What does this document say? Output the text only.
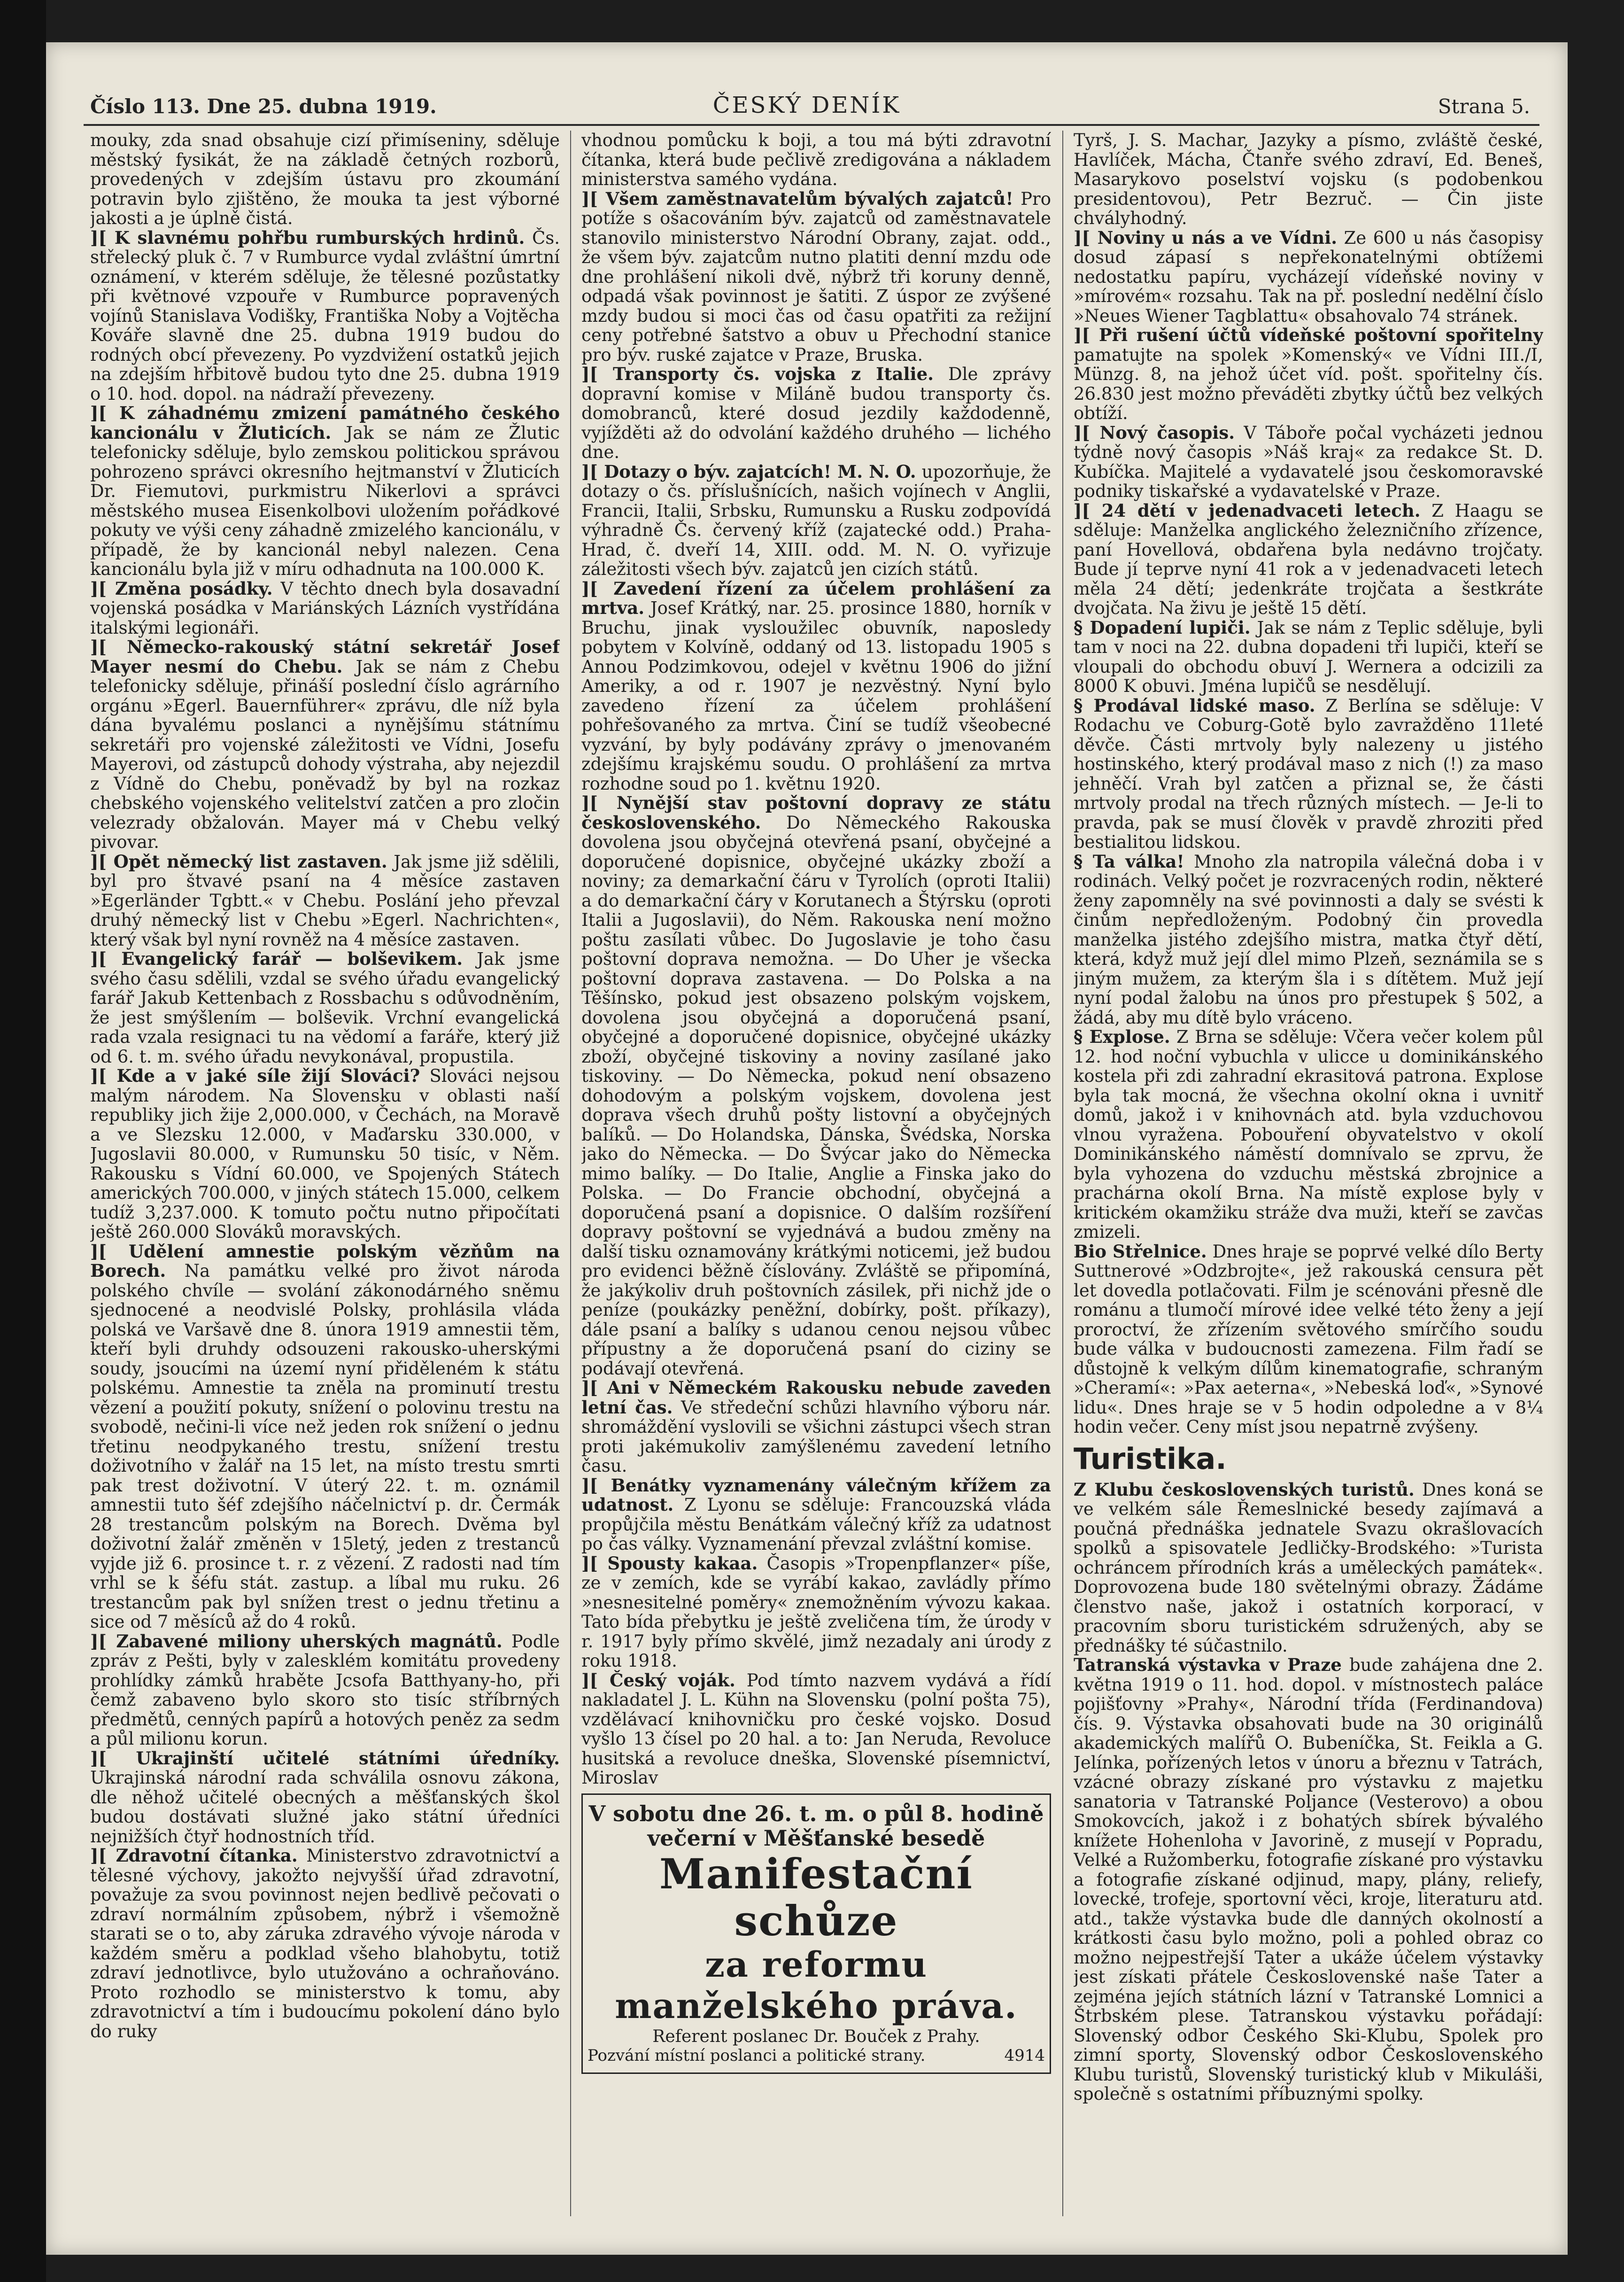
Číslo 113. Dne 25. dubna 1919.	ČESKÝ DENÍK	Strana 5.

mouky, zda snad obsahuje cizí přimíseniny, sděluje městský fysikát, že na základě četných rozborů, provedených v zdejším ústavu pro zkoumání potravin bylo zjištěno, že mouka ta jest výborné jakosti a je úplně čistá.

][ K slavnému pohřbu rumburských hrdinů. Čs. střelecký pluk č. 7 v Rumburce vydal zvláštní úmrtní oznámení, v kterém sděluje, že tělesné pozůstatky při květnové vzpouře v Rumburce popravených vojínů Stanislava Vodišky, Františka Noby a Vojtěcha Kováře slavně dne 25. dubna 1919 budou do rodných obcí převezeny. Po vyzdvižení ostatků jejich na zdejším hřbitově budou tyto dne 25. dubna 1919 o 10. hod. dopol. na nádraží převezeny.

][ K záhadnému zmizení památného českého kancionálu v Žluticích. Jak se nám ze Žlutic telefonicky sděluje, bylo zemskou politickou správou pohrozeno správci okresního hejtmanství v Žluticích Dr. Fiemutovi, purkmistru Nikerlovi a správci městského musea Eisenkolbovi uložením pořádkové pokuty ve výši ceny záhadně zmizelého kancionálu, v případě, že by kancionál nebyl nalezen. Cena kancionálu byla již v míru odhadnuta na 100.000 K.

][ Změna posádky. V těchto dnech byla dosavadní vojenská posádka v Mariánských Lázních vystřídána italskými legionáři.

][ Německo-rakouský státní sekretář Josef Mayer nesmí do Chebu. Jak se nám z Chebu telefonicky sděluje, přináší poslední číslo agrárního orgánu »Egerl. Bauernführer« zprávu, dle níž byla dána byvalému poslanci a nynějšímu státnímu sekretáři pro vojenské záležitosti ve Vídni, Josefu Mayerovi, od zástupců dohody výstraha, aby nejezdil z Vídně do Chebu, poněvadž by byl na rozkaz chebského vojenského velitelství zatčen a pro zločin velezrady obžalován. Mayer má v Chebu velký pivovar.

][ Opět německý list zastaven. Jak jsme již sdělili, byl pro štvavé psaní na 4 měsíce zastaven »Egerländer Tgbtt.« v Chebu. Poslání jeho převzal druhý německý list v Chebu »Egerl. Nachrichten«, který však byl nyní rovněž na 4 měsíce zastaven.

][ Evangelický farář — bolševikem. Jak jsme svého času sdělili, vzdal se svého úřadu evangelický farář Jakub Kettenbach z Rossbachu s odůvodněním, že jest smýšlením — bolševik. Vrchní evangelická rada vzala resignaci tu na vědomí a faráře, který již od 6. t. m. svého úřadu nevykonával, propustila.

][ Kde a v jaké síle žijí Slováci? Slováci nejsou malým národem. Na Slovensku v oblasti naší republiky jich žije 2,000.000, v Čechách, na Moravě a ve Slezsku 12.000, v Maďarsku 330.000, v Jugoslavii 80.000, v Rumunsku 50 tisíc, v Něm. Rakousku s Vídní 60.000, ve Spojených Státech amerických 700.000, v jiných státech 15.000, celkem tudíž 3,237.000. K tomuto počtu nutno připočítati ještě 260.000 Slováků moravských.

][ Udělení amnestie polským vězňům na Borech. Na památku velké pro život národa polského chvíle — svolání zákonodárného sněmu sjednocené a neodvislé Polsky, prohlásila vláda polská ve Varšavě dne 8. února 1919 amnestii těm, kteří byli druhdy odsouzeni rakousko-uherskými soudy, jsoucími na území nyní přiděleném k státu polskému. Amnestie ta zněla na prominutí trestu vězení a použití pokuty, snížení o polovinu trestu na svobodě, nečini-li více než jeden rok snížení o jednu třetinu neodpykaného trestu, snížení trestu doživotního v žalář na 15 let, na místo trestu smrti pak trest doživotní. V úterý 22. t. m. oznámil amnestii tuto šéf zdejšího náčelnictví p. dr. Čermák 28 trestancům polským na Borech. Dvěma byl doživotní žalář změněn v 15letý, jeden z trestanců vyjde již 6. prosince t. r. z vězení. Z radosti nad tím vrhl se k šéfu stát. zastup. a líbal mu ruku. 26 trestancům pak byl snížen trest o jednu třetinu a sice od 7 měsíců až do 4 roků.

][ Zabavené miliony uherských magnátů. Podle zpráv z Pešti, byly v zalesklém komitátu provedeny prohlídky zámků hraběte Jcsofa Batthyany-ho, při čemž zabaveno bylo skoro sto tisíc stříbrných předmětů, cenných papírů a hotových peněz za sedm a půl milionu korun.

][ Ukrajinští učitelé státními úředníky. Ukrajinská národní rada schválila osnovu zákona, dle něhož učitelé obecných a měšťanských škol budou dostávati služné jako státní úředníci nejnižších čtyř hodnostních tříd.

][ Zdravotní čítanka. Ministerstvo zdravotnictví a tělesné výchovy, jakožto nejvyšší úřad zdravotní, považuje za svou povinnost nejen bedlivě pečovati o zdraví normálním způsobem, nýbrž i všemožně starati se o to, aby záruka zdravého vývoje národa v každém směru a podklad všeho blahobytu, totiž zdraví jednotlivce, bylo utužováno a ochraňováno. Proto rozhodlo se ministerstvo k tomu, aby zdravotnictví a tím i budoucímu pokolení dáno bylo do ruky

vhodnou pomůcku k boji, a tou má býti zdravotní čítanka, která bude pečlivě zredigována a nákladem ministerstva samého vydána.

][ Všem zaměstnavatelům bývalých zajatců! Pro potíže s ošacováním býv. zajatců od zaměstnavatele stanovilo ministerstvo Národní Obrany, zajat. odd., že všem býv. zajatcům nutno platiti denní mzdu ode dne prohlášení nikoli dvě, nýbrž tři koruny denně, odpadá však povinnost je šatiti. Z úspor ze zvýšené mzdy budou si moci čas od času opatřiti za režijní ceny potřebné šatstvo a obuv u Přechodní stanice pro býv. ruské zajatce v Praze, Bruska.

][ Transporty čs. vojska z Italie. Dle zprávy dopravní komise v Miláně budou transporty čs. domobranců, které dosud jezdily každodenně, vyjížděti až do odvolání každého druhého — lichého dne.

][ Dotazy o býv. zajatcích! M. N. O. upozorňuje, že dotazy o čs. příslušnících, našich vojínech v Anglii, Francii, Italii, Srbsku, Rumunsku a Rusku zodpovídá výhradně Čs. červený kříž (zajatecké odd.) Praha-Hrad, č. dveří 14, XIII. odd. M. N. O. vyřizuje záležitosti všech býv. zajatců jen cizích států.

][ Zavedení řízení za účelem prohlášení za mrtva. Josef Krátký, nar. 25. prosince 1880, horník v Bruchu, jinak vysloužilec obuvník, naposledy pobytem v Kolvíně, oddaný od 13. listopadu 1905 s Annou Podzimkovou, odejel v květnu 1906 do jižní Ameriky, a od r. 1907 je nezvěstný. Nyní bylo zavedeno řízení za účelem prohlášení pohřešovaného za mrtva. Činí se tudíž všeobecné vyzvání, by byly podávány zprávy o jmenovaném zdejšímu krajskému soudu. O prohlášení za mrtva rozhodne soud po 1. květnu 1920.

][ Nynější stav poštovní dopravy ze státu československého. Do Německého Rakouska dovolena jsou obyčejná otevřená psaní, obyčejné a doporučené dopisnice, obyčejné ukázky zboží a noviny; za demarkační čáru v Tyrolích (oproti Italii) a do demarkační čáry v Korutanech a Štýrsku (oproti Italii a Jugoslavii), do Něm. Rakouska není možno poštu zasílati vůbec. Do Jugoslavie je toho času poštovní doprava nemožna. — Do Uher je všecka poštovní doprava zastavena. — Do Polska a na Těšínsko, pokud jest obsazeno polským vojskem, dovolena jsou obyčejná a doporučená psaní, obyčejné a doporučené dopisnice, obyčejné ukázky zboží, obyčejné tiskoviny a noviny zasílané jako tiskoviny. — Do Německa, pokud není obsazeno dohodovým a polským vojskem, dovolena jest doprava všech druhů pošty listovní a obyčejných balíků. — Do Holandska, Dánska, Švédska, Norska jako do Německa. — Do Švýcar jako do Německa mimo balíky. — Do Italie, Anglie a Finska jako do Polska. — Do Francie obchodní, obyčejná a doporučená psaní a dopisnice. O dalším rozšíření dopravy poštovní se vyjednává a budou změny na další tisku oznamovány krátkými noticemi, jež budou pro evidenci běžně číslovány. Zvláště se připomíná, že jakýkoliv druh poštovních zásilek, při nichž jde o peníze (poukázky peněžní, dobírky, pošt. příkazy), dále psaní a balíky s udanou cenou nejsou vůbec přípustny a že doporučená psaní do ciziny se podávají otevřená.

][ Ani v Německém Rakousku nebude zaveden letní čas. Ve středeční schůzi hlavního výboru nár. shromáždění vyslovili se všichni zástupci všech stran proti jakémukoliv zamýšlenému zavedení letního času.

][ Benátky vyznamenány válečným křížem za udatnost. Z Lyonu se sděluje: Francouzská vláda propůjčila městu Benátkám válečný kříž za udatnost po čas války. Vyznamenání převzal zvláštní komise.

][ Spousty kakaa. Časopis »Tropenpflanzer« píše, ze v zemích, kde se vyrábí kakao, zavládly přímo »nesnesitelné poměry« znemožněním vývozu kakaa. Tato bída přebytku je ještě zveličena tím, že úrody v r. 1917 byly přímo skvělé, jimž nezadaly ani úrody z roku 1918.

][ Český voják. Pod tímto nazvem vydává a řídí nakladatel J. L. Kühn na Slovensku (polní pošta 75), vzdělávací knihovničku pro české vojsko. Dosud vyšlo 13 čísel po 20 hal. a to: Jan Neruda, Revoluce husitská a revoluce dneška, Slovenské písemnictví, Miroslav

V sobotu dne 26. t. m. o půl 8. hodině večerní v Měšťanské besedě
Manifestační schůze
za reformu manželského práva.
Referent poslanec Dr. Bouček z Prahy.
Pozvání místní poslanci a politické strany.	4914

Tyrš, J. S. Machar, Jazyky a písmo, zvláště české, Havlíček, Mácha, Čtanře svého zdraví, Ed. Beneš, Masarykovo poselství vojsku (s podobenkou presidentovou), Petr Bezruč. — Čin jiste chvályhodný.

][ Noviny u nás a ve Vídni. Ze 600 u nás časopisy dosud zápasí s nepřekonatelnými obtížemi nedostatku papíru, vycházejí vídeňské noviny v »mírovém« rozsahu. Tak na př. poslední nedělní číslo »Neues Wiener Tagblattu« obsahovalo 74 stránek.

][ Při rušení účtů vídeňské poštovní spořitelny pamatujte na spolek »Komenský« ve Vídni III./I, Münzg. 8, na jehož účet víd. pošt. spořitelny čís. 26.830 jest možno převáděti zbytky účtů bez velkých obtíží.

][ Nový časopis. V Táboře počal vycházeti jednou týdně nový časopis »Náš kraj« za redakce St. D. Kubíčka. Majitelé a vydavatelé jsou českomoravské podniky tiskařské a vydavatelské v Praze.

][ 24 dětí v jedenadvaceti letech. Z Haagu se sděluje: Manželka anglického železničního zřízence, paní Hovellová, obdařena byla nedávno trojčaty. Bude jí teprve nyní 41 rok a v jedenadvaceti letech měla 24 dětí; jedenkráte trojčata a šestkráte dvojčata. Na živu je ještě 15 dětí.

§ Dopadení lupiči. Jak se nám z Teplic sděluje, byli tam v noci na 22. dubna dopadeni tři lupiči, kteří se vloupali do obchodu obuví J. Wernera a odcizili za 8000 K obuvi. Jména lupičů se nesdělují.

§ Prodával lidské maso. Z Berlína se sděluje: V Rodachu ve Coburg-Gotě bylo zavražděno 11leté děvče. Části mrtvoly byly nalezeny u jistého hostinského, který prodával maso z nich (!) za maso jehněčí. Vrah byl zatčen a přiznal se, že části mrtvoly prodal na třech různých místech. — Je-li to pravda, pak se musí člověk v pravdě zhroziti před bestialitou lidskou.

§ Ta válka! Mnoho zla natropila válečná doba i v rodinách. Velký počet je rozvracených rodin, některé ženy zapomněly na své povinnosti a daly se svésti k činům nepředloženým. Podobný čin provedla manželka jistého zdejšího mistra, matka čtyř dětí, která, když muž její dlel mimo Plzeň, seznámila se s jiným mužem, za kterým šla i s dítětem. Muž její nyní podal žalobu na únos pro přestupek § 502, a žádá, aby mu dítě bylo vráceno.

§ Explose. Z Brna se sděluje: Včera večer kolem půl 12. hod noční vybuchla v ulicce u dominikánského kostela při zdi zahradní ekrasitová patrona. Explose byla tak mocná, že všechna okolní okna i uvnitř domů, jakož i v knihovnách atd. byla vzduchovou vlnou vyražena. Pobouření obyvatelstvo v okolí Dominikánského náměstí domnívalo se zprvu, že byla vyhozena do vzduchu městská zbrojnice a prachárna okolí Brna. Na místě explose byly v kritickém okamžiku stráže dva muži, kteří se zavčas zmizeli.

Bio Střelnice. Dnes hraje se poprvé velké dílo Berty Suttnerové »Odzbrojte«, jež rakouská censura pět let dovedla potlačovati. Film je scénováni přesně dle románu a tlumočí mírové idee velké této ženy a její proroctví, že zřízením světového smírčího soudu bude válka v budoucnosti zamezena. Film řadí se důstojně k velkým dílům kinematografie, schraným »Cheramí«: »Pax aeterna«, »Nebeská loď«, »Synové lidu«. Dnes hraje se v 5 hodin odpoledne a v 8¼ hodin večer. Ceny míst jsou nepatrně zvýšeny.

Turistika.

Z Klubu československých turistů. Dnes koná se ve velkém sále Řemeslnické besedy zajímavá a poučná přednáška jednatele Svazu okrašlovacích spolků a spisovatele Jedličky-Brodského: »Turista ochráncem přírodních krás a uměleckých památek«. Doprovozena bude 180 světelnými obrazy. Žádáme členstvo naše, jakož i ostatních korporací, v pracovním sboru turistickém sdružených, aby se přednášky té súčastnilo.

Tatranská výstavka v Praze bude zahájena dne 2. května 1919 o 11. hod. dopol. v místnostech paláce pojišťovny »Prahy«, Národní třída (Ferdinandova) čís. 9. Výstavka obsahovati bude na 30 originálů akademických malířů O. Bubeníčka, St. Feikla a G. Jelínka, pořízených letos v únoru a březnu v Tatrách, vzácné obrazy získané pro výstavku z majetku sanatoria v Tatranské Poljance (Vesterovo) a obou Smokovcích, jakož i z bohatých sbírek bývalého knížete Hohenloha v Javorině, z musejí v Popradu, Velké a Ružomberku, fotografie získané pro výstavku a fotografie získané odjinud, mapy, plány, reliefy, lovecké, trofeje, sportovní věci, kroje, literaturu atd. atd., takže výstavka bude dle danných okolností a krátkosti času bylo možno, poli a pohled obraz co možno nejpestřejší Tater a ukáže účelem výstavky jest získati přátele Československé naše Tater a zejména jejích státních lázní v Tatranské Lomnici a Štrbském plese. Tatranskou výstavku pořádají: Slovenský odbor Českého Ski-Klubu, Spolek pro zimní sporty, Slovenský odbor Československého Klubu turistů, Slovenský turistický klub v Mikuláši, společně s ostatními příbuznými spolky.
